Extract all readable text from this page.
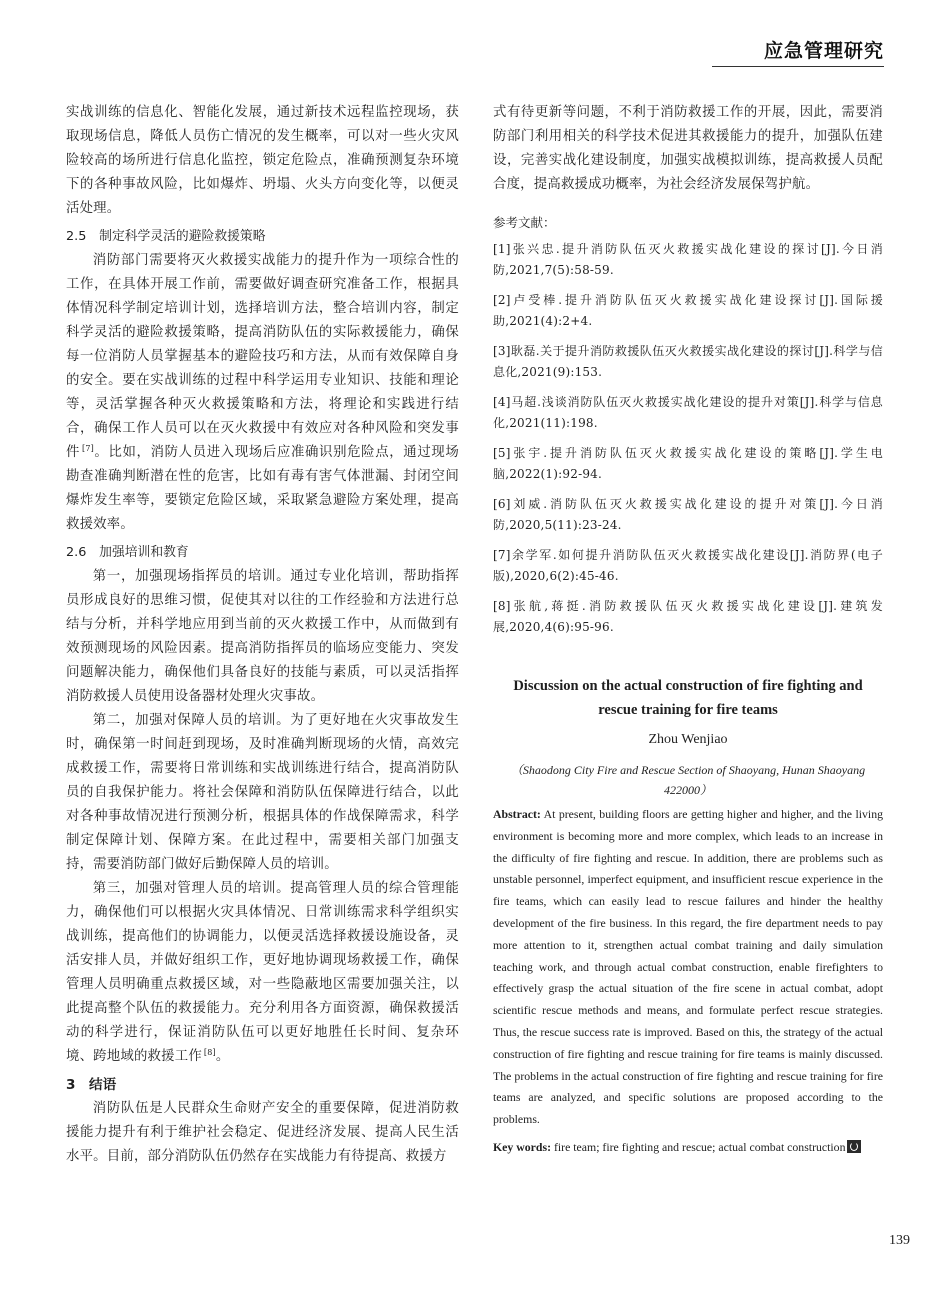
应急管理研究

实战训练的信息化、智能化发展，通过新技术远程监控现场，获取现场信息，降低人员伤亡情况的发生概率，可以对一些火灾风险较高的场所进行信息化监控，锁定危险点，准确预测复杂环境下的各种事故风险，比如爆炸、坍塌、火头方向变化等，以便灵活处理。

2.5　制定科学灵活的避险救援策略

消防部门需要将灭火救援实战能力的提升作为一项综合性的工作，在具体开展工作前，需要做好调查研究准备工作，根据具体情况科学制定培训计划，选择培训方法，整合培训内容，制定科学灵活的避险救援策略，提高消防队伍的实际救援能力，确保每一位消防人员掌握基本的避险技巧和方法，从而有效保障自身的安全。要在实战训练的过程中科学运用专业知识、技能和理论等，灵活掌握各种灭火救援策略和方法，将理论和实践进行结合，确保工作人员可以在灭火救援中有效应对各种风险和突发事件 [7]。比如，消防人员进入现场后应准确识别危险点，通过现场勘查准确判断潜在性的危害，比如有毒有害气体泄漏、封闭空间爆炸发生率等，要锁定危险区域，采取紧急避险方案处理，提高救援效率。

2.6　加强培训和教育

第一，加强现场指挥员的培训。通过专业化培训，帮助指挥员形成良好的思维习惯，促使其对以往的工作经验和方法进行总结与分析，并科学地应用到当前的灭火救援工作中，从而做到有效预测现场的风险因素。提高消防指挥员的临场应变能力、突发问题解决能力，确保他们具备良好的技能与素质，可以灵活指挥消防救援人员使用设备器材处理火灾事故。

第二，加强对保障人员的培训。为了更好地在火灾事故发生时，确保第一时间赶到现场，及时准确判断现场的火情，高效完成救援工作，需要将日常训练和实战训练进行结合，提高消防队员的自我保护能力。将社会保障和消防队伍保障进行结合，以此对各种事故情况进行预测分析，根据具体的作战保障需求，科学制定保障计划、保障方案。在此过程中，需要相关部门加强支持，需要消防部门做好后勤保障人员的培训。

第三，加强对管理人员的培训。提高管理人员的综合管理能力，确保他们可以根据火灾具体情况、日常训练需求科学组织实战训练，提高他们的协调能力，以便灵活选择救援设施设备，灵活安排人员，并做好组织工作，更好地协调现场救援工作，确保管理人员明确重点救援区域，对一些隐蔽地区需要加强关注，以此提高整个队伍的救援能力。充分利用各方面资源，确保救援活动的科学进行，保证消防队伍可以更好地胜任长时间、复杂环境、跨地域的救援工作 [8]。

3　结语

消防队伍是人民群众生命财产安全的重要保障，促进消防救援能力提升有利于维护社会稳定、促进经济发展、提高人民生活水平。目前，部分消防队伍仍然存在实战能力有待提高、救援方

式有待更新等问题，不利于消防救援工作的开展，因此，需要消防部门利用相关的科学技术促进其救援能力的提升，加强队伍建设，完善实战化建设制度，加强实战模拟训练，提高救援人员配合度，提高救援成功概率，为社会经济发展保驾护航。

参考文献：

[1]张兴忠.提升消防队伍灭火救援实战化建设的探讨[J].今日消防,2021,7(5):58-59.

[2]卢受棒.提升消防队伍灭火救援实战化建设探讨[J].国际援助,2021(4):2+4.

[3]耿磊.关于提升消防救援队伍灭火救援实战化建设的探讨[J].科学与信息化,2021(9):153.

[4]马超.浅谈消防队伍灭火救援实战化建设的提升对策[J].科学与信息化,2021(11):198.

[5]张宇.提升消防队伍灭火救援实战化建设的策略[J].学生电脑,2022(1):92-94.

[6]刘威.消防队伍灭火救援实战化建设的提升对策[J].今日消防,2020,5(11):23-24.

[7]余学军.如何提升消防队伍灭火救援实战化建设[J].消防界(电子版),2020,6(2):45-46.

[8]张航,蒋挺.消防救援队伍灭火救援实战化建设[J].建筑发展,2020,4(6):95-96.

Discussion on the actual construction of fire fighting and rescue training for fire teams

Zhou Wenjiao

（Shaodong City Fire and Rescue Section of Shaoyang, Hunan Shaoyang 422000）

Abstract: At present, building floors are getting higher and higher, and the living environment is becoming more and more complex, which leads to an increase in the difficulty of fire fighting and rescue. In addition, there are problems such as unstable personnel, imperfect equipment, and insufficient rescue experience in the fire teams, which can easily lead to rescue failures and hinder the healthy development of the fire business. In this regard, the fire department needs to pay more attention to it, strengthen actual combat training and daily simulation teaching work, and through actual combat construction, enable firefighters to effectively grasp the actual situation of the fire scene in actual combat, adopt scientific rescue methods and means, and formulate perfect rescue strategies. Thus, the rescue success rate is improved. Based on this, the strategy of the actual construction of fire fighting and rescue training for fire teams is mainly discussed. The problems in the actual construction of fire fighting and rescue training for fire teams are analyzed, and specific solutions are proposed according to the problems.

Key words: fire team; fire fighting and rescue; actual combat construction

139
